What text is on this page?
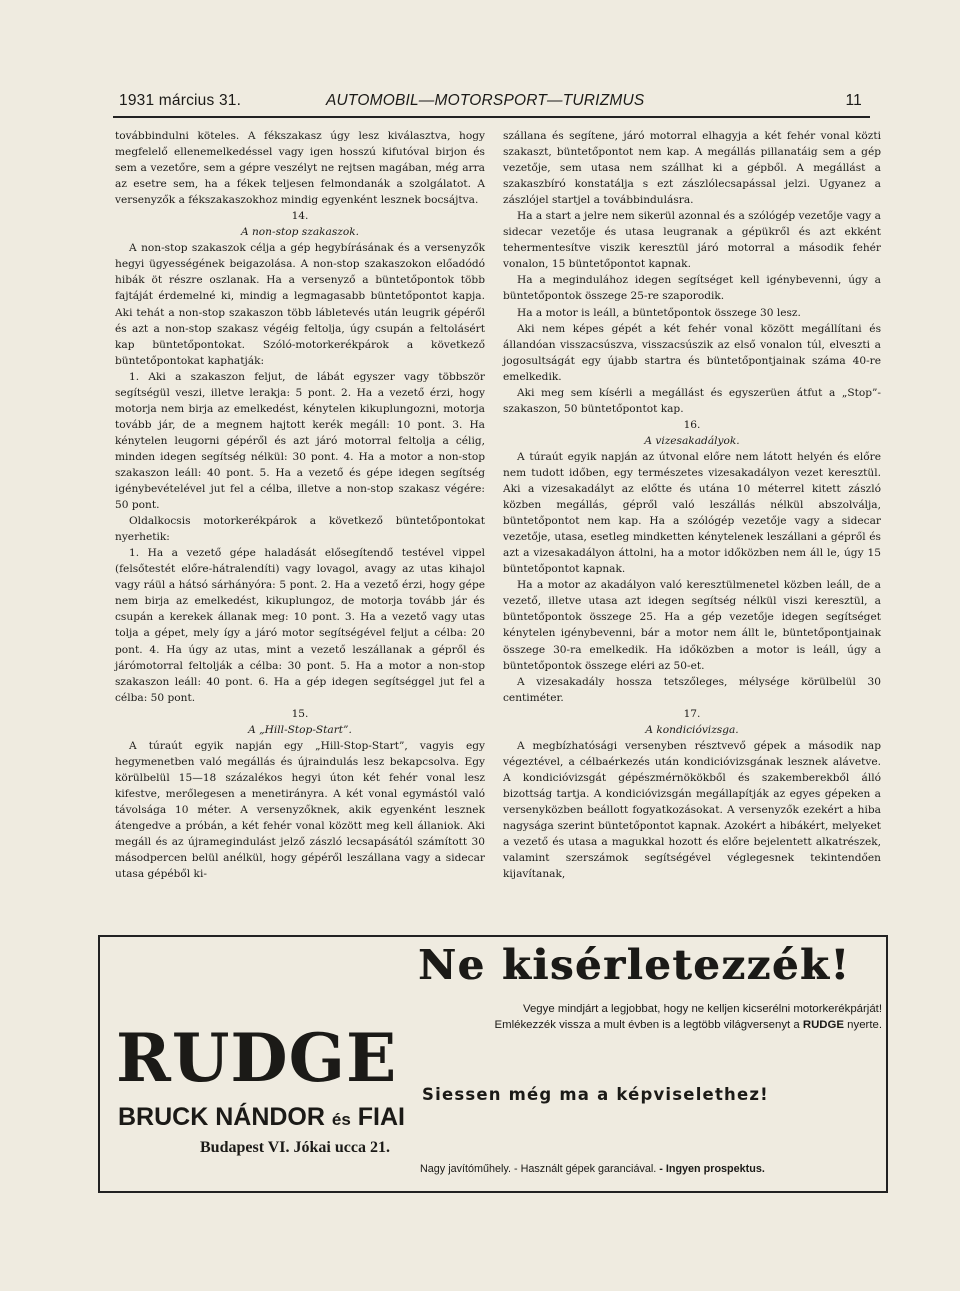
1931 március 31.	AUTOMOBIL—MOTORSPORT—TURIZMUS	11

továbbindulni köteles. A fékszakasz úgy lesz kiválasztva, hogy megfelelő ellenemelkedéssel vagy igen hosszú kifutóval birjon és sem a vezetőre, sem a gépre veszélyt ne rejtsen magában, még arra az esetre sem, ha a fékek teljesen felmondanák a szolgálatot. A versenyzők a fékszakaszokhoz mindig egyenként lesznek bocsájtva.

14.

A non-stop szakaszok.

A non-stop szakaszok célja a gép hegybírásának és a versenyzők hegyi ügyességének beigazolása. A non-stop szakaszokon előadódó hibák öt részre oszlanak. Ha a versenyző a büntetőpontok több fajtáját érdemelné ki, mindig a legmagasabb büntetőpontot kapja. Aki tehát a non-stop szakaszon több lábletevés után leugrik gépéről és azt a non-stop szakasz végéig feltolja, úgy csupán a feltolásért kap büntetőpontokat. Szóló-motorkerékpárok a következő büntetőpontokat kaphatják:

1. Aki a szakaszon feljut, de lábát egyszer vagy többször segítségül veszi, illetve lerakja: 5 pont. 2. Ha a vezető érzi, hogy motorja nem birja az emelkedést, kénytelen kikuplungozni, motorja tovább jár, de a megnem hajtott kerék megáll: 10 pont. 3. Ha kénytelen leugorni gépéről és azt járó motorral feltolja a célig, minden idegen segítség nélkül: 30 pont. 4. Ha a motor a non-stop szakaszon leáll: 40 pont. 5. Ha a vezető és gépe idegen segítség igénybevételével jut fel a célba, illetve a non-stop szakasz végére: 50 pont.

Oldalkocsis motorkerékpárok a következő büntetőpontokat nyerhetik:

1. Ha a vezető gépe haladását elősegítendő testével vippel (felsőtestét előre-hátralendíti) vagy lovagol, avagy az utas kihajol vagy ráül a hátsó sárhányóra: 5 pont. 2. Ha a vezető érzi, hogy gépe nem birja az emelkedést, kikuplungoz, de motorja tovább jár és csupán a kerekek állanak meg: 10 pont. 3. Ha a vezető vagy utas tolja a gépet, mely így a járó motor segítségével feljut a célba: 20 pont. 4. Ha úgy az utas, mint a vezető leszállanak a gépről és járómotorral feltolják a célba: 30 pont. 5. Ha a motor a non-stop szakaszon leáll: 40 pont. 6. Ha a gép idegen segítséggel jut fel a célba: 50 pont.

15.

A „Hill-Stop-Start”.

A túraút egyik napján egy „Hill-Stop-Start”, vagyis egy hegymenetben való megállás és újraindulás lesz bekapcsolva. Egy körülbelül 15—18 százalékos hegyi úton két fehér vonal lesz kifestve, merőlegesen a menetirányra. A két vonal egymástól való távolsága 10 méter. A versenyzőknek, akik egyenként lesznek átengedve a próbán, a két fehér vonal között meg kell állaniok. Aki megáll és az újramegindulást jelző zászló lecsapásától számított 30 másodpercen belül anélkül, hogy gépéről leszállana vagy a sidecar utasa gépéből ki-

szállana és segítene, járó motorral elhagyja a két fehér vonal közti szakaszt, büntetőpontot nem kap. A megállás pillanatáig sem a gép vezetője, sem utasa nem szállhat ki a gépből. A megállást a szakaszbíró konstatálja s ezt zászlólecsapással jelzi. Ugyanez a zászlójel startjel a továbbindulásra.

Ha a start a jelre nem sikerül azonnal és a szólógép vezetője vagy a sidecar vezetője és utasa leugranak a gépükről és azt ekként tehermentesítve viszik keresztül járó motorral a második fehér vonalon, 15 büntetőpontot kapnak.

Ha a megindulához idegen segítséget kell igénybevenni, úgy a büntetőpontok összege 25-re szaporodik.

Ha a motor is leáll, a büntetőpontok összege 30 lesz.

Aki nem képes gépét a két fehér vonal között megállítani és állandóan visszacsúszva, visszacsúszik az első vonalon túl, elveszti a jogosultságát egy újabb startra és büntetőpontjainak száma 40-re emelkedik.

Aki meg sem kísérli a megállást és egyszerüen átfut a „Stop”-szakaszon, 50 büntetőpontot kap.

16.

A vizesakadályok.

A túraút egyik napján az útvonal előre nem látott helyén és előre nem tudott időben, egy természetes vizesakadályon vezet keresztül. Aki a vizesakadályt az előtte és utána 10 méterrel kitett zászló közben megállás, gépről való leszállás nélkül abszolválja, büntetőpontot nem kap. Ha a szólógép vezetője vagy a sidecar vezetője, utasa, esetleg mindketten kénytelenek leszállani a gépről és azt a vizesakadályon áttolni, ha a motor időközben nem áll le, úgy 15 büntetőpontot kapnak.

Ha a motor az akadályon való keresztülmenetel közben leáll, de a vezető, illetve utasa azt idegen segítség nélkül viszi keresztül, a büntetőpontok összege 25. Ha a gép vezetője idegen segítséget kénytelen igénybevenni, bár a motor nem állt le, büntetőpontjainak összege 30-ra emelkedik. Ha időközben a motor is leáll, úgy a büntetőpontok összege eléri az 50-et.

A vizesakadály hossza tetszőleges, mélysége körülbelül 30 centiméter.

17.

A kondicióvizsga.

A megbízhatósági versenyben résztvevő gépek a második nap végeztével, a célbaérkezés után kondicióvizsgának lesznek alávetve. A kondicióvizsgát gépészmérnökökből és szakemberekből álló bizottság tartja. A kondicióvizsgán megállapítják az egyes gépeken a versenyközben beállott fogyatkozásokat. A versenyzők ezekért a hiba nagysága szerint büntetőpontot kapnak. Azokért a hibákért, melyeket a vezető és utasa a magukkal hozott és előre bejelentett alkatrészek, valamint szerszámok segítségével véglegesnek tekintendően kijavítanak,

Ne kisérletezzék!
Vegye mindjárt a legjobbat, hogy ne kelljen kicserélni motorkerékpárját!
Emlékezzék vissza a mult évben is a legtöbb világversenyt a RUDGE nyerte.
RUDGE
BRUCK NÁNDOR és FIAI
Budapest VI. Jókai ucca 21.
Siessen még ma a képviselethez!
Nagy javítóműhely. - Használt gépek garanciával. - Ingyen prospektus.
